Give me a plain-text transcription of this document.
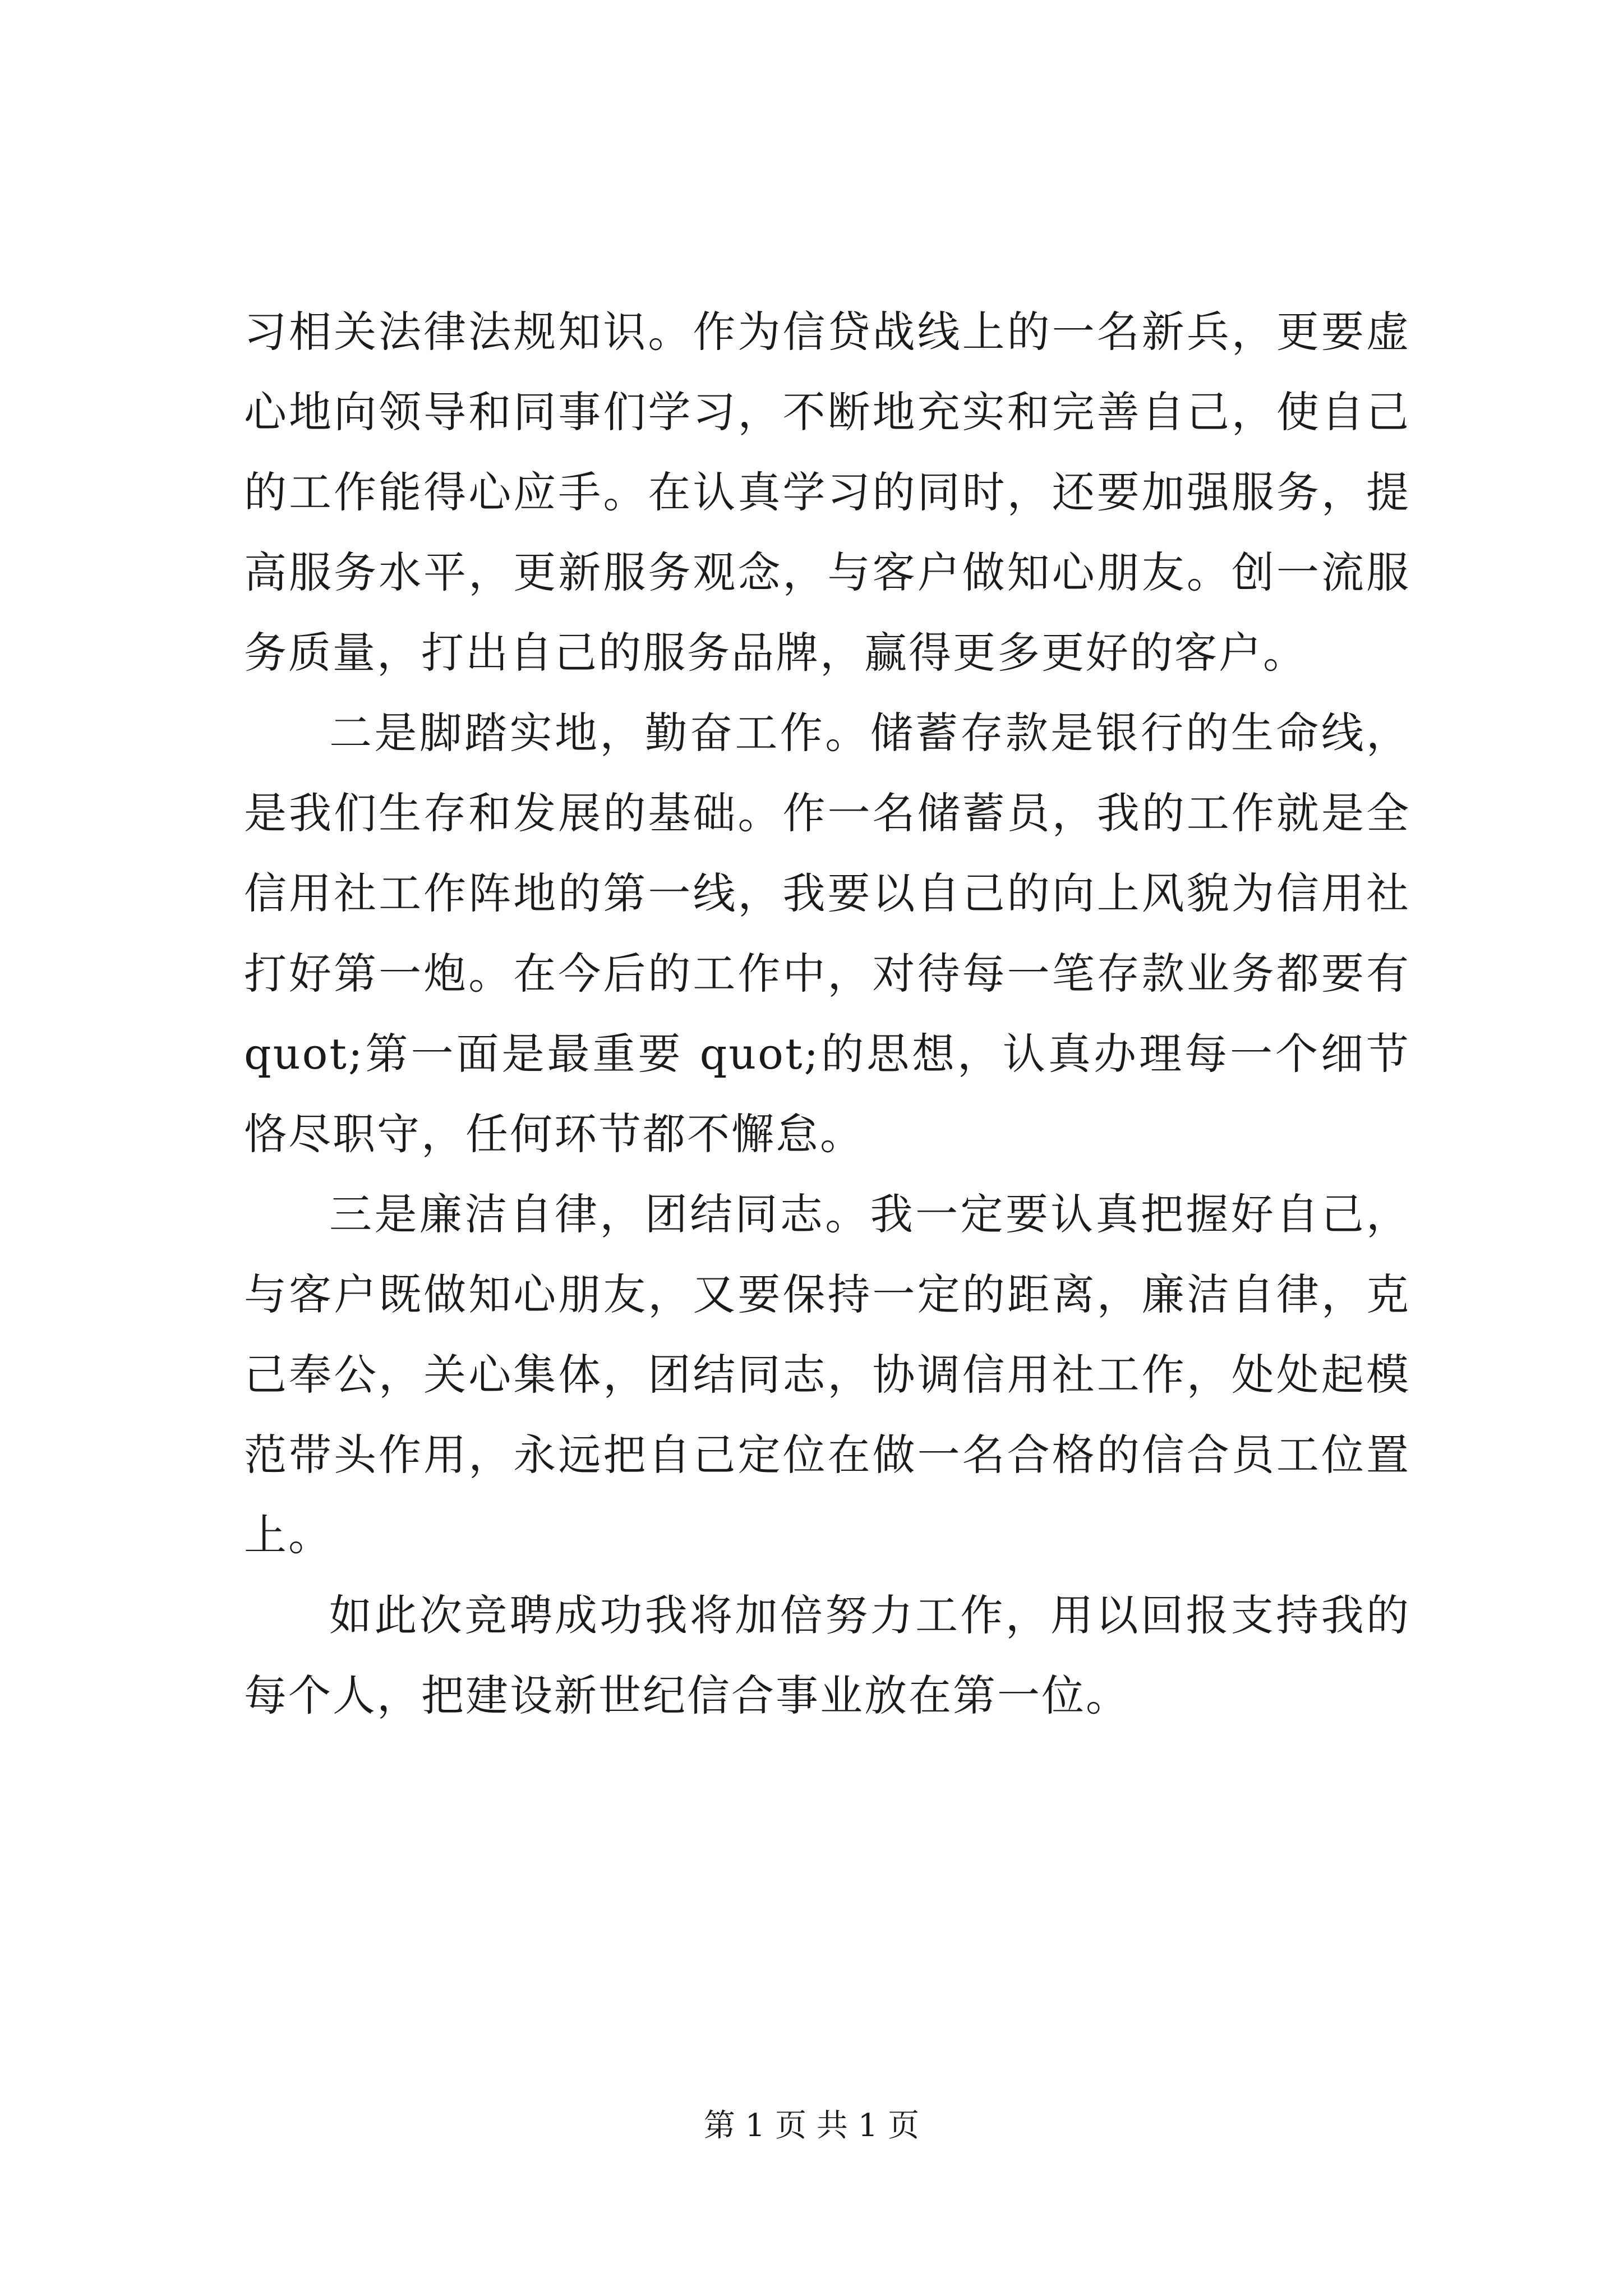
习相关法律法规知识。作为信贷战线上的一名新兵，更要虚心地向领导和同事们学习，不断地充实和完善自己，使自己的工作能得心应手。在认真学习的同时，还要加强服务，提高服务水平，更新服务观念，与客户做知心朋友。创一流服务质量，打出自己的服务品牌，赢得更多更好的客户。

二是脚踏实地，勤奋工作。储蓄存款是银行的生命线，是我们生存和发展的基础。作一名储蓄员，我的工作就是全信用社工作阵地的第一线，我要以自己的向上风貌为信用社打好第一炮。在今后的工作中，对待每一笔存款业务都要有 quot;第一面是最重要 quot;的思想，认真办理每一个细节恪尽职守，任何环节都不懈怠。

三是廉洁自律，团结同志。我一定要认真把握好自己，与客户既做知心朋友，又要保持一定的距离，廉洁自律，克己奉公，关心集体，团结同志，协调信用社工作，处处起模范带头作用，永远把自己定位在做一名合格的信合员工位置上。

如此次竞聘成功我将加倍努力工作，用以回报支持我的每个人，把建设新世纪信合事业放在第一位。

第 1 页 共 1 页
